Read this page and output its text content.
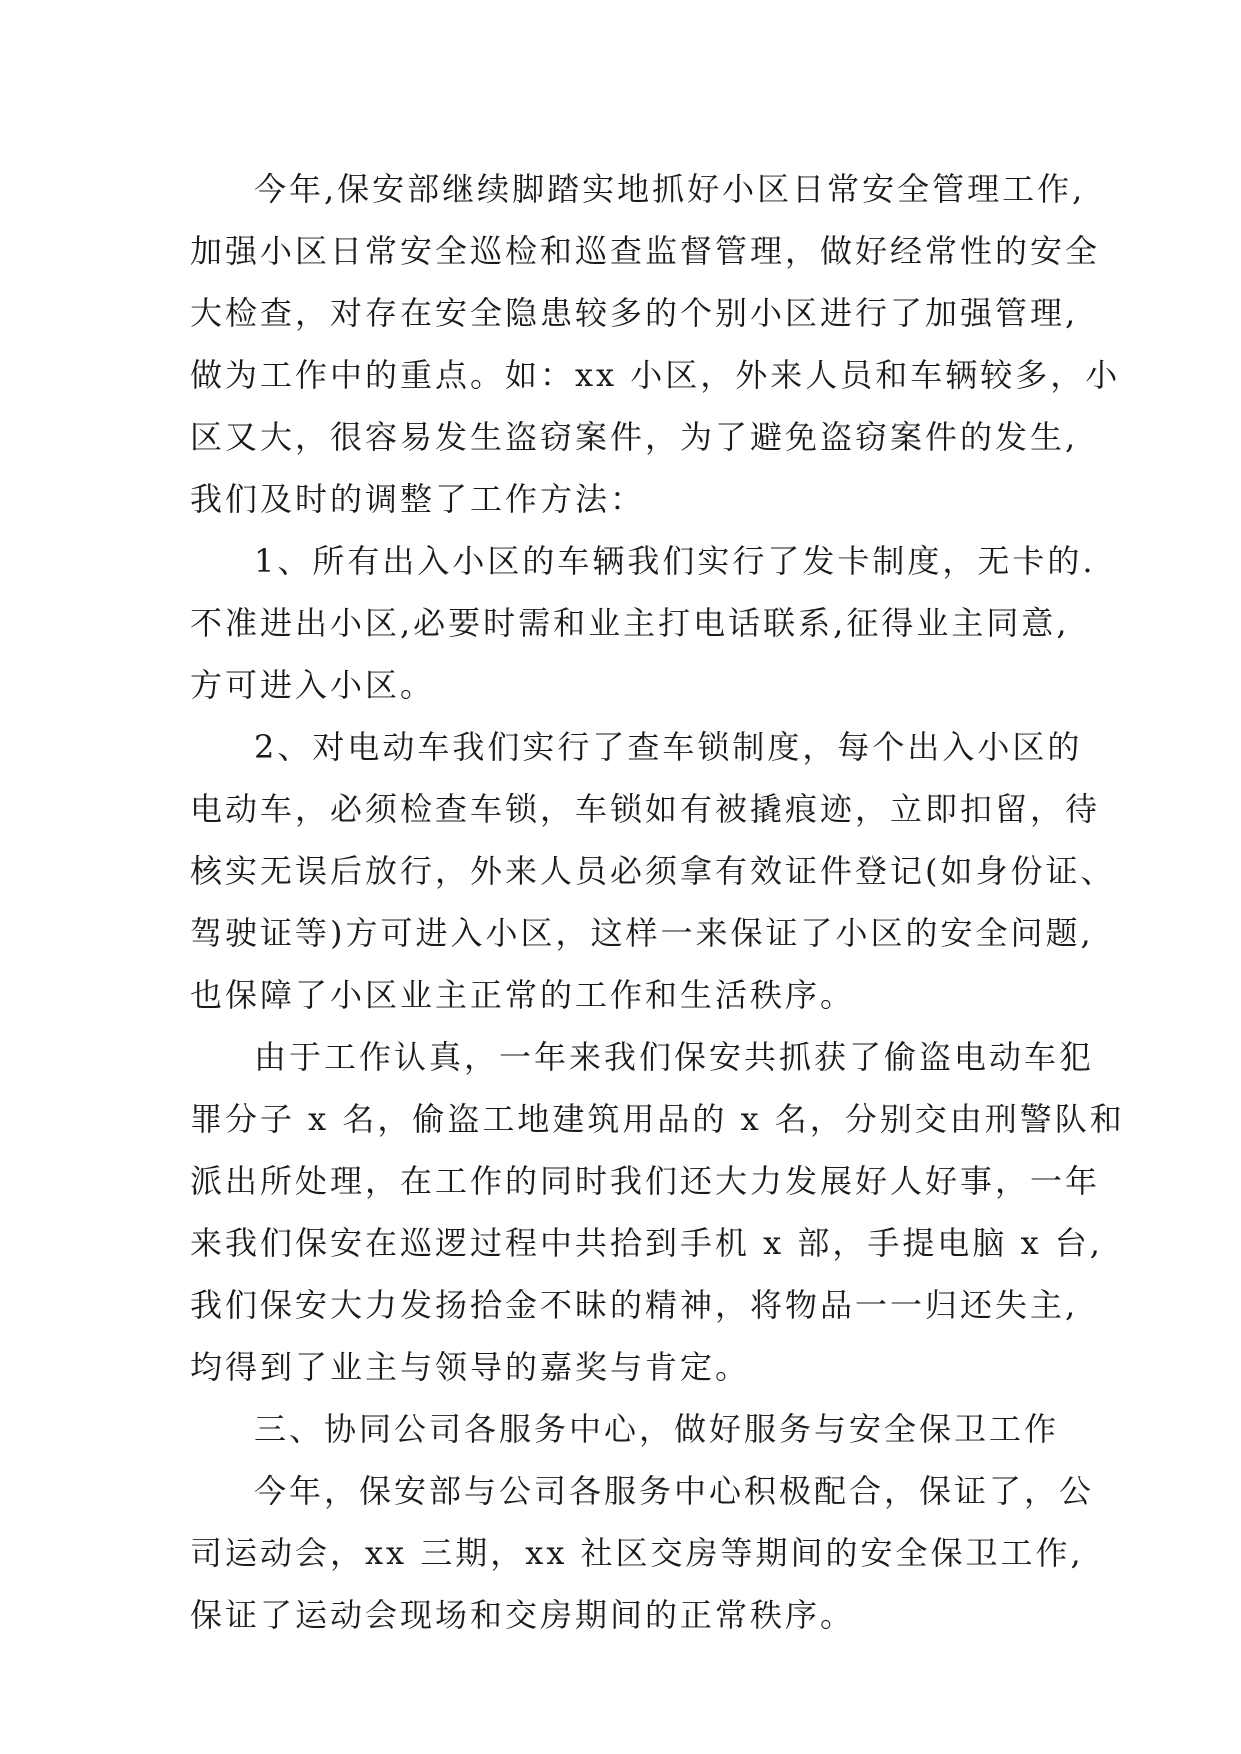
今年,保安部继续脚踏实地抓好小区日常安全管理工作,
加强小区日常安全巡检和巡查监督管理，做好经常性的安全
大检查，对存在安全隐患较多的个别小区进行了加强管理,
做为工作中的重点。如：xx 小区，外来人员和车辆较多，小
区又大，很容易发生盗窃案件，为了避免盗窃案件的发生,
我们及时的调整了工作方法：
1、所有出入小区的车辆我们实行了发卡制度，无卡的.
不准进出小区,必要时需和业主打电话联系,征得业主同意,
方可进入小区。
2、对电动车我们实行了查车锁制度，每个出入小区的
电动车，必须检查车锁，车锁如有被撬痕迹，立即扣留，待
核实无误后放行，外来人员必须拿有效证件登记(如身份证、
驾驶证等)方可进入小区，这样一来保证了小区的安全问题,
也保障了小区业主正常的工作和生活秩序。
由于工作认真，一年来我们保安共抓获了偷盗电动车犯
罪分子 x 名，偷盗工地建筑用品的 x 名，分别交由刑警队和
派出所处理，在工作的同时我们还大力发展好人好事，一年
来我们保安在巡逻过程中共拾到手机 x 部，手提电脑 x 台,
我们保安大力发扬拾金不昧的精神，将物品一一归还失主,
均得到了业主与领导的嘉奖与肯定。
三、协同公司各服务中心，做好服务与安全保卫工作
今年，保安部与公司各服务中心积极配合，保证了，公
司运动会，xx 三期，xx 社区交房等期间的安全保卫工作,
保证了运动会现场和交房期间的正常秩序。
